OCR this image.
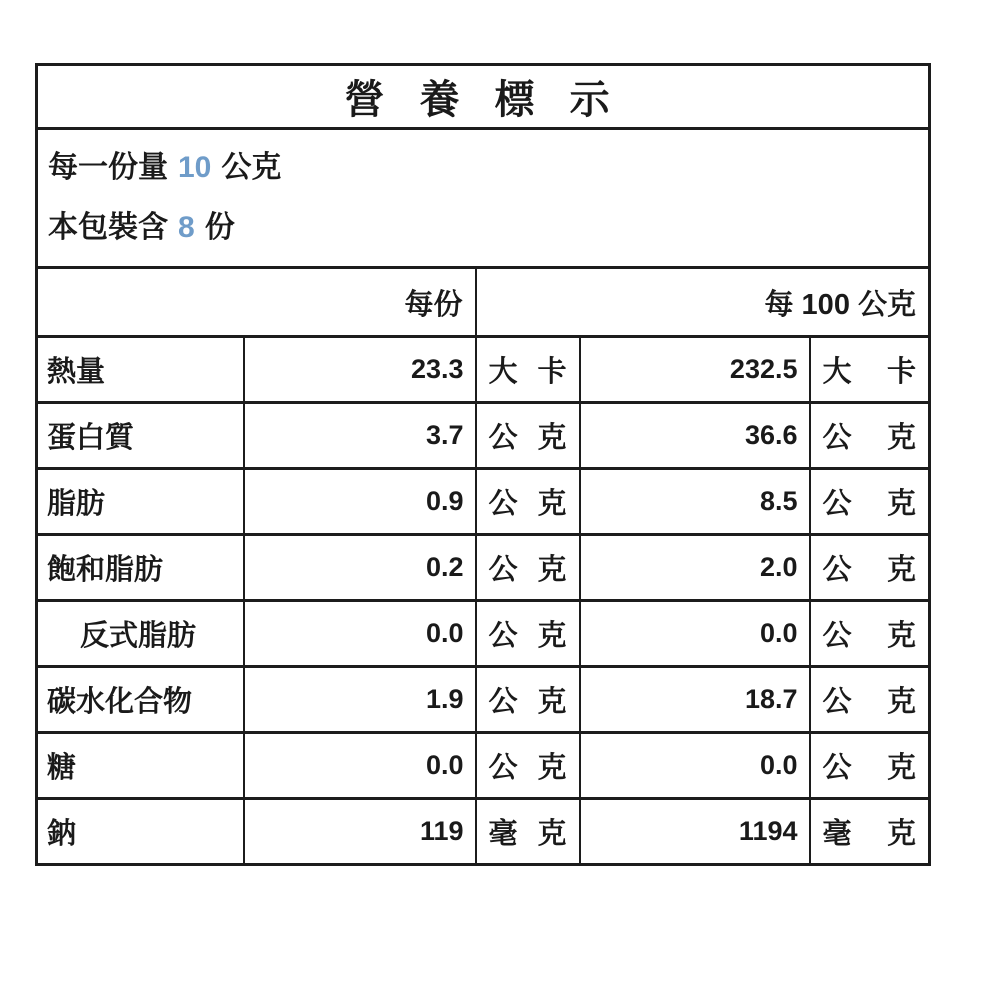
營 養 標 示				

每一份量 10 公克
本包裝含 8 份				

每份		每 100 公克		
熱量	23.3	大 卡	232.5	大 卡
蛋白質	3.7	公 克	36.6	公 克
脂肪	0.9	公 克	8.5	公 克
飽和脂肪	0.2	公 克	2.0	公 克
反式脂肪	0.0	公 克	0.0	公 克
碳水化合物	1.9	公 克	18.7	公 克
糖	0.0	公 克	0.0	公 克
鈉	119	毫 克	1194	毫 克
